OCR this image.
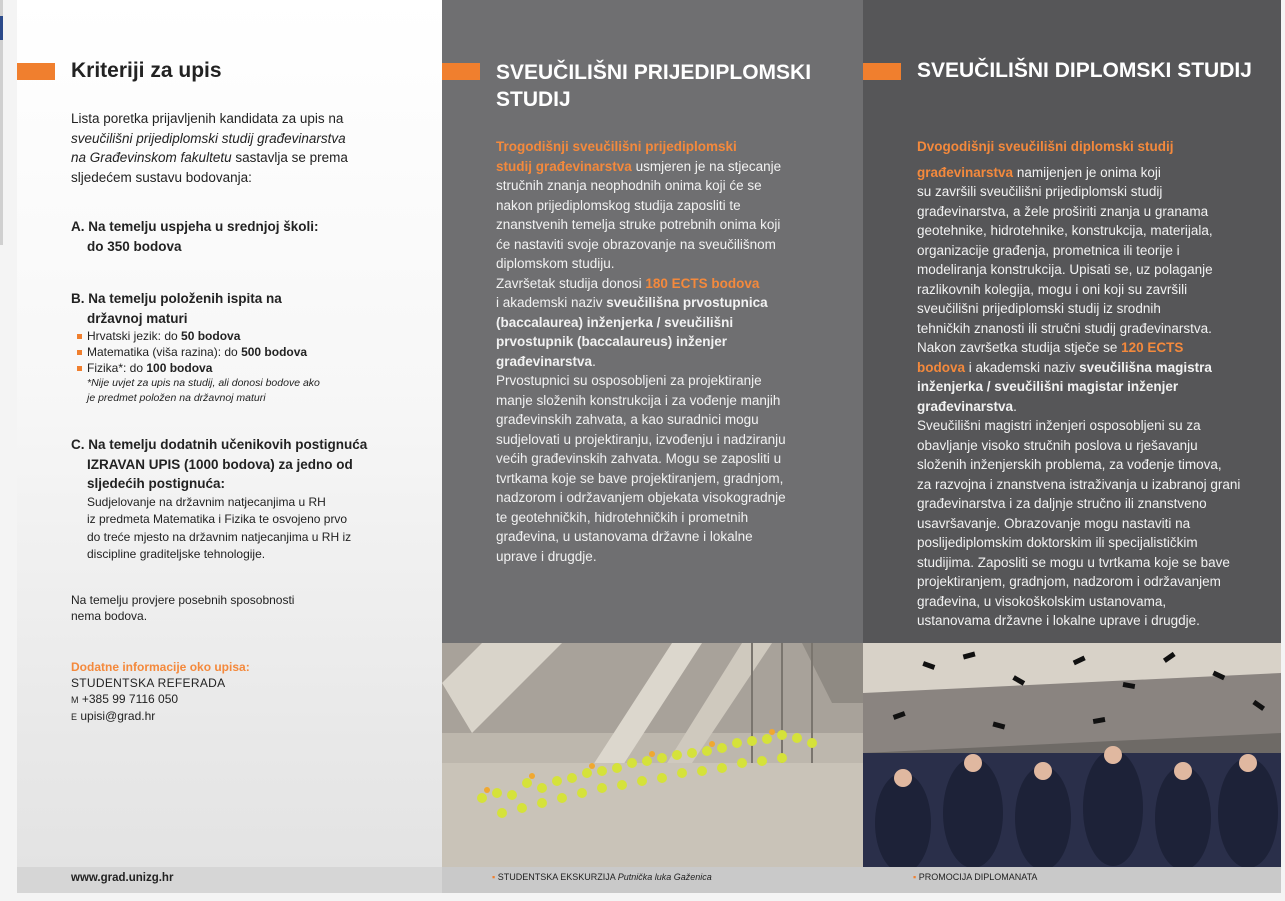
Kriteriji za upis
Lista poretka prijavljenih kandidata za upis na
sveučilišni prijediplomski studij građevinarstva
na Građevinskom fakultetu sastavlja se prema
sljedećem sustavu bodovanja:
A. Na temelju uspjeha u srednjoj školi:
do 350 bodova
B. Na temelju položenih ispita na
državnoj maturi
Hrvatski jezik: do 50 bodova
Matematika (viša razina): do 500 bodova
Fizika*: do 100 bodova
*Nije uvjet za upis na studij, ali donosi bodove ako
je predmet položen na državnoj maturi
C. Na temelju dodatnih učenikovih postignuća
IZRAVAN UPIS (1000 bodova) za jedno od
sljedećih postignuća:
Sudjelovanje na državnim natjecanjima u RH
iz predmeta Matematika i Fizika te osvojeno prvo
do treće mjesto na državnim natjecanjima u RH iz
discipline graditeljske tehnologije.
Na temelju provjere posebnih sposobnosti
nema bodova.
Dodatne informacije oko upisa:
STUDENTSKA REFERADA
M +385 99 7116 050
E upisi@grad.hr
SVEUČILIŠNI PRIJEDIPLOMSKI
STUDIJ
Trogodišnji sveučilišni prijediplomski
studij građevinarstva usmjeren je na stjecanje
stručnih znanja neophodnih onima koji će se
nakon prijediplomskog studija zaposliti te
znanstvenih temelja struke potrebnih onima koji
će nastaviti svoje obrazovanje na sveučilišnom
diplomskom studiju.
Završetak studija donosi 180 ECTS bodova
i akademski naziv sveučilišna prvostupnica
(baccalaurea) inženjerka / sveučilišni
prvostupnik (baccalaureus) inženjer
građevinarstva.
Prvostupnici su osposobljeni za projektiranje
manje složenih konstrukcija i za vođenje manjih
građevinskih zahvata, a kao suradnici mogu
sudjelovati u projektiranju, izvođenju i nadziranju
većih građevinskih zahvata. Mogu se zaposliti u
tvrtkama koje se bave projektiranjem, gradnjom,
nadzorom i održavanjem objekata visokogradnje
te geotehničkih, hidrotehničkih i prometnih
građevina, u ustanovama državne i lokalne
uprave i drugdje.
SVEUČILIŠNI DIPLOMSKI STUDIJ
Dvogodišnji sveučilišni diplomski studij
građevinarstva namijenjen je onima koji
su završili sveučilišni prijediplomski studij
građevinarstva, a žele proširiti znanja u granama
geotehnike, hidrotehnike, konstrukcija, materijala,
organizacije građenja, prometnica ili teorije i
modeliranja konstrukcija. Upisati se, uz polaganje
razlikovnih kolegija, mogu i oni koji su završili
sveučilišni prijediplomski studij iz srodnih
tehničkih znanosti ili stručni studij građevinarstva.
Nakon završetka studija stječe se 120 ECTS
bodova i akademski naziv sveučilišna magistra
inženjerka / sveučilišni magistar inženjer
građevinarstva.
Sveučilišni magistri inženjeri osposobljeni su za
obavljanje visoko stručnih poslova u rješavanju
složenih inženjerskih problema, za vođenje timova,
za razvojna i znanstvena istraživanja u izabranoj grani
građevinarstva i za daljnje stručno ili znanstveno
usavršavanje. Obrazovanje mogu nastaviti na
poslijediplomskim doktorskim ili specijalističkim
studijima. Zaposliti se mogu u tvrtkama koje se bave
projektiranjem, gradnjom, nadzorom i održavanjem
građevina, u visokoškolskim ustanovama,
ustanovama državne i lokalne uprave i drugdje.
www.grad.unizg.hr	▪ STUDENTSKA EKSKURZIJA Putnička luka Gaženica	▪ PROMOCIJA DIPLOMANATA
